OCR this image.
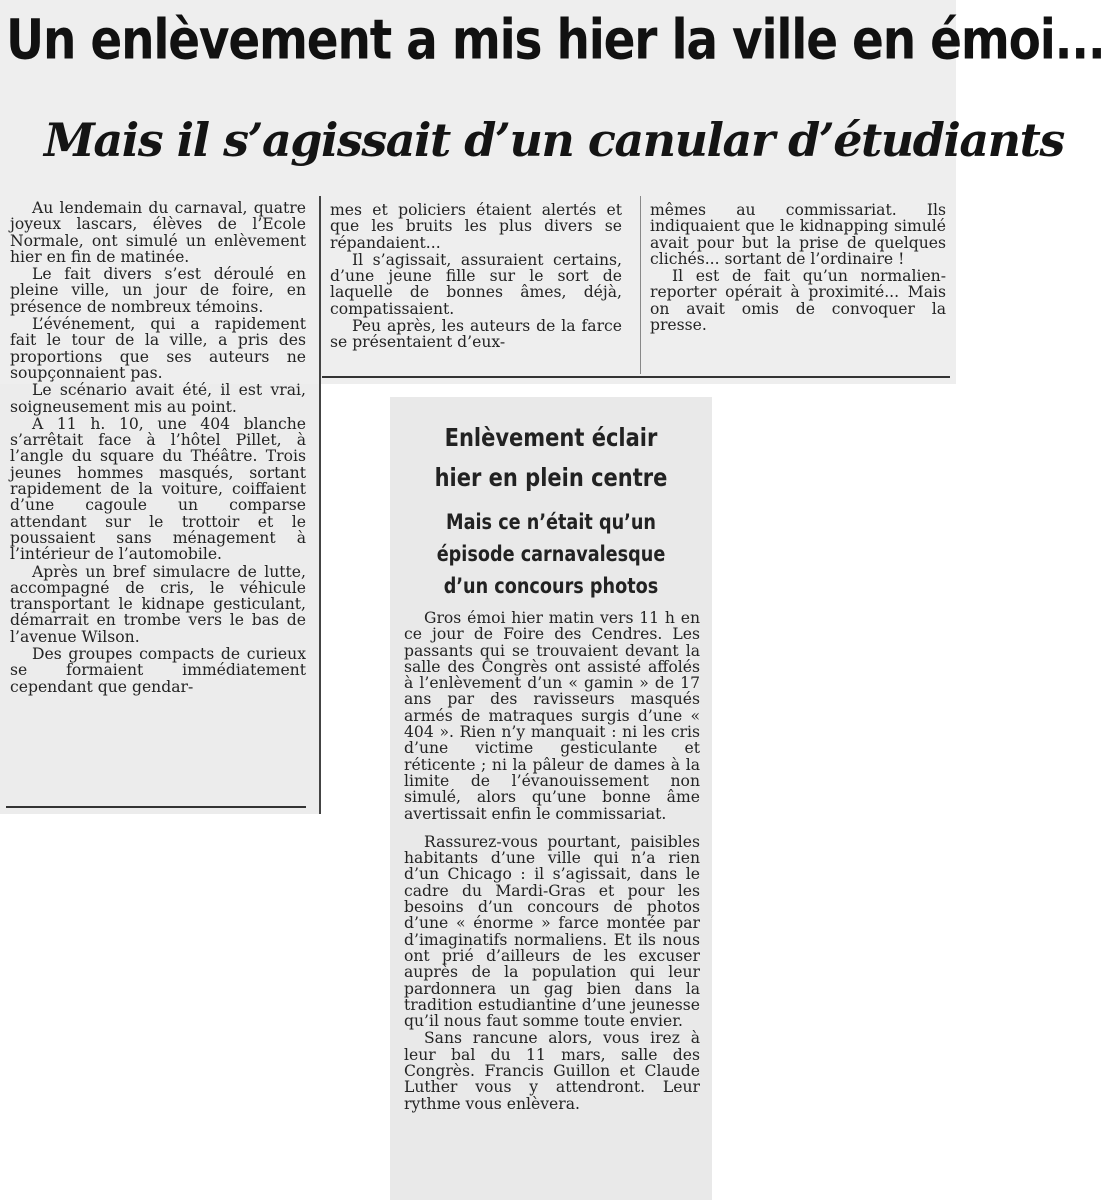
Un enlèvement a mis hier la ville en émoi...
Mais il s’agissait d’un canular d’étudiants

Au lendemain du carnaval, quatre joyeux lascars, élèves de l’Ecole Normale, ont simulé un enlèvement hier en fin de matinée.

Le fait divers s’est déroulé en pleine ville, un jour de foire, en présence de nombreux témoins.

L’événement, qui a rapidement fait le tour de la ville, a pris des proportions que ses auteurs ne soupçonnaient pas.

Le scénario avait été, il est vrai, soigneusement mis au point.

A 11 h. 10, une 404 blanche s’arrêtait face à l’hôtel Pillet, à l’angle du square du Théâtre. Trois jeunes hommes masqués, sortant rapidement de la voiture, coiffaient d’une cagoule un comparse attendant sur le trottoir et le poussaient sans ménagement à l’intérieur de l’automobile.

Après un bref simulacre de lutte, accompagné de cris, le véhicule transportant le kidnape gesticulant, démarrait en trombe vers le bas de l’avenue Wilson.

Des groupes compacts de curieux se formaient immédiatement cependant que gendar-

mes et policiers étaient alertés et que les bruits les plus divers se répandaient...

Il s’agissait, assuraient certains, d’une jeune fille sur le sort de laquelle de bonnes âmes, déjà, compatissaient.

Peu après, les auteurs de la farce se présentaient d’eux-

mêmes au commissariat. Ils indiquaient que le kidnapping simulé avait pour but la prise de quelques clichés... sortant de l’ordinaire !

Il est de fait qu’un normalien-reporter opérait à proximité... Mais on avait omis de convoquer la presse.

Enlèvement éclair hier en plein centre
Mais ce n’était qu’un épisode carnavalesque d’un concours photos

Gros émoi hier matin vers 11 h en ce jour de Foire des Cendres. Les passants qui se trouvaient devant la salle des Congrès ont assisté affolés à l’enlèvement d’un « gamin » de 17 ans par des ravisseurs masqués armés de matraques surgis d’une « 404 ». Rien n’y manquait : ni les cris d’une victime gesticulante et réticente ; ni la pâleur de dames à la limite de l’évanouissement non simulé, alors qu’une bonne âme avertissait enfin le commissariat.

Rassurez-vous pourtant, paisibles habitants d’une ville qui n’a rien d’un Chicago : il s’agissait, dans le cadre du Mardi-Gras et pour les besoins d’un concours de photos d’une « énorme » farce montée par d’imaginatifs normaliens. Et ils nous ont prié d’ailleurs de les excuser auprès de la population qui leur pardonnera un gag bien dans la tradition estudiantine d’une jeunesse qu’il nous faut somme toute envier.

Sans rancune alors, vous irez à leur bal du 11 mars, salle des Congrès. Francis Guillon et Claude Luther vous y attendront. Leur rythme vous enlèvera.
